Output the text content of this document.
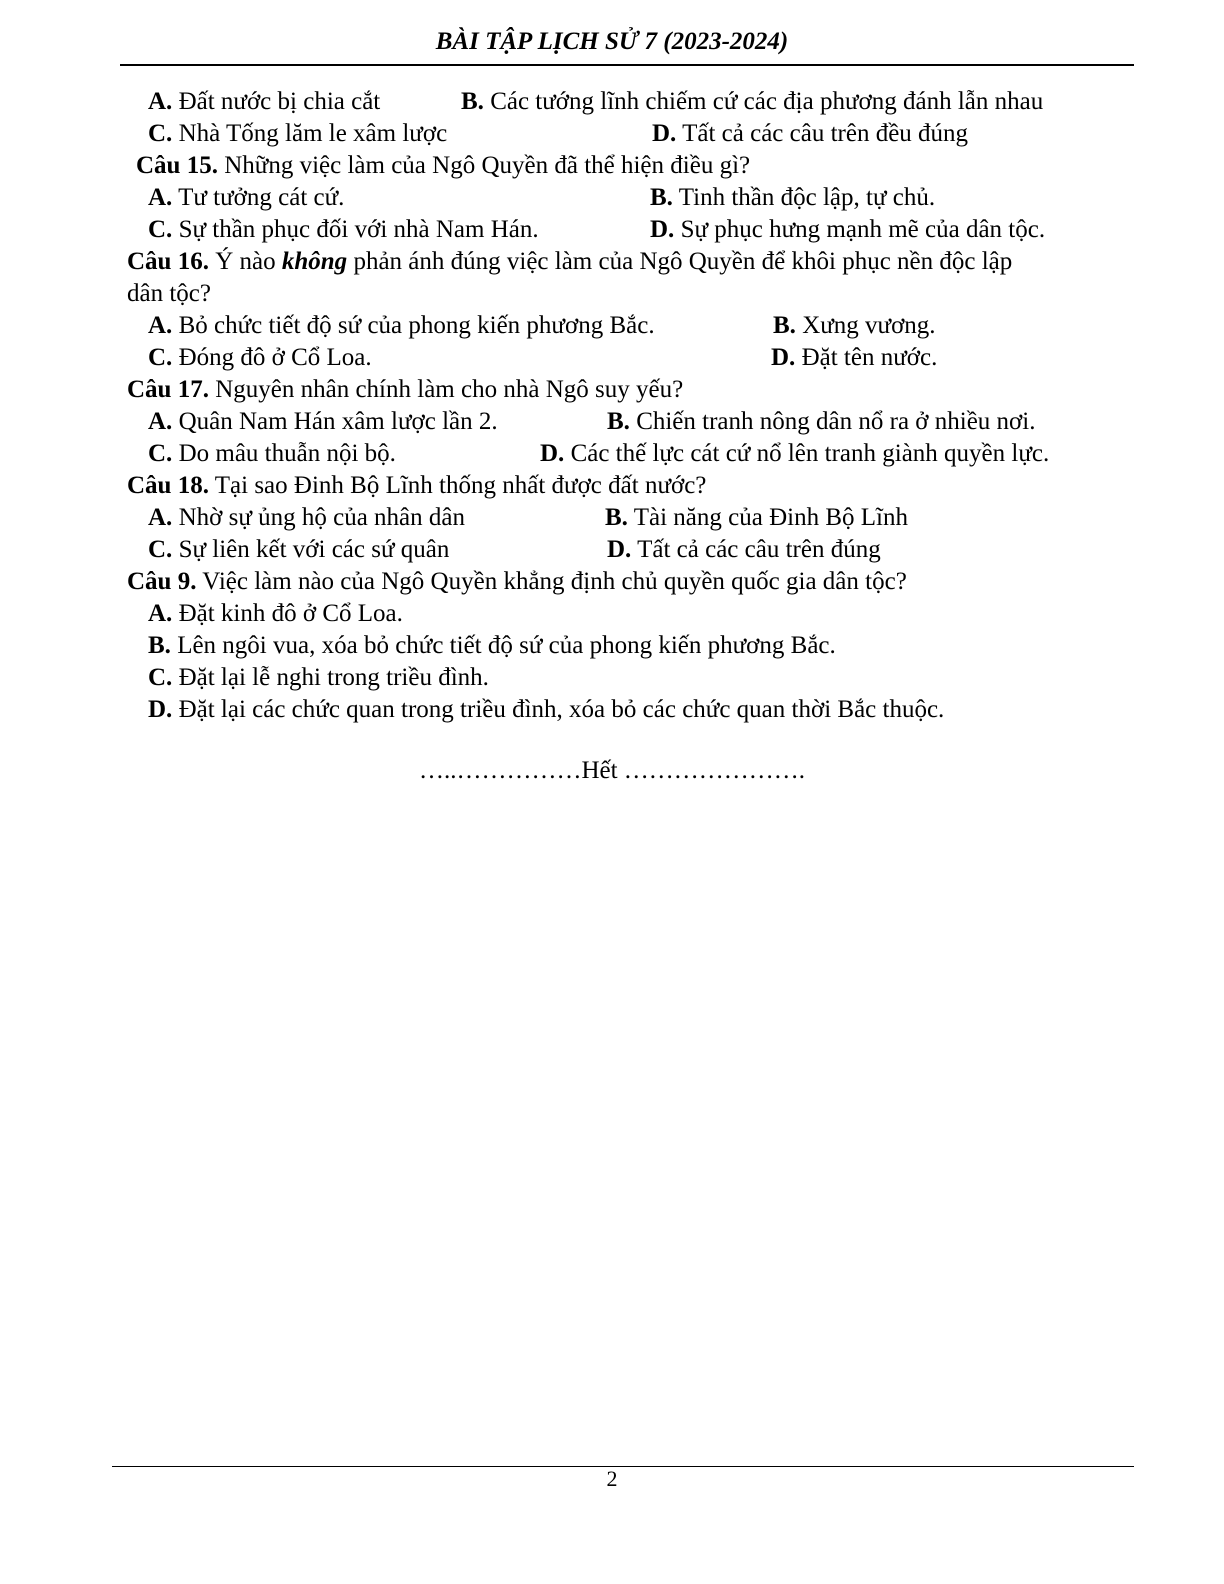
BÀI TẬP LỊCH SỬ 7 (2023-2024)
A. Đất nước bị chia cắt	B. Các tướng lĩnh chiếm cứ các địa phương đánh lẫn nhau
C. Nhà Tống lăm le xâm lược	D. Tất cả các câu trên đều đúng
Câu 15. Những việc làm của Ngô Quyền đã thể hiện điều gì?
A. Tư tưởng cát cứ.	B. Tinh thần độc lập, tự chủ.
C. Sự thần phục đối với nhà Nam Hán.	D. Sự phục hưng mạnh mẽ của dân tộc.
Câu 16. Ý nào không phản ánh đúng việc làm của Ngô Quyền để khôi phục nền độc lập
dân tộc?
A. Bỏ chức tiết độ sứ của phong kiến phương Bắc.	B. Xưng vương.
C. Đóng đô ở Cổ Loa.	D. Đặt tên nước.
Câu 17. Nguyên nhân chính làm cho nhà Ngô suy yếu?
A. Quân Nam Hán xâm lược lần 2.	B. Chiến tranh nông dân nổ ra ở nhiều nơi.
C. Do mâu thuẫn nội bộ.	D. Các thế lực cát cứ nổ lên tranh giành quyền lực.
Câu 18. Tại sao Đinh Bộ Lĩnh thống nhất được đất nước?
A. Nhờ sự ủng hộ của nhân dân	B. Tài năng của Đinh Bộ Lĩnh
C. Sự liên kết với các sứ quân	D. Tất cả các câu trên đúng
Câu 9. Việc làm nào của Ngô Quyền khẳng định chủ quyền quốc gia dân tộc?
A. Đặt kinh đô ở Cổ Loa.
B. Lên ngôi vua, xóa bỏ chức tiết độ sứ của phong kiến phương Bắc.
C. Đặt lại lễ nghi trong triều đình.
D. Đặt lại các chức quan trong triều đình, xóa bỏ các chức quan thời Bắc thuộc.
…..……………Hết ………………….
2
